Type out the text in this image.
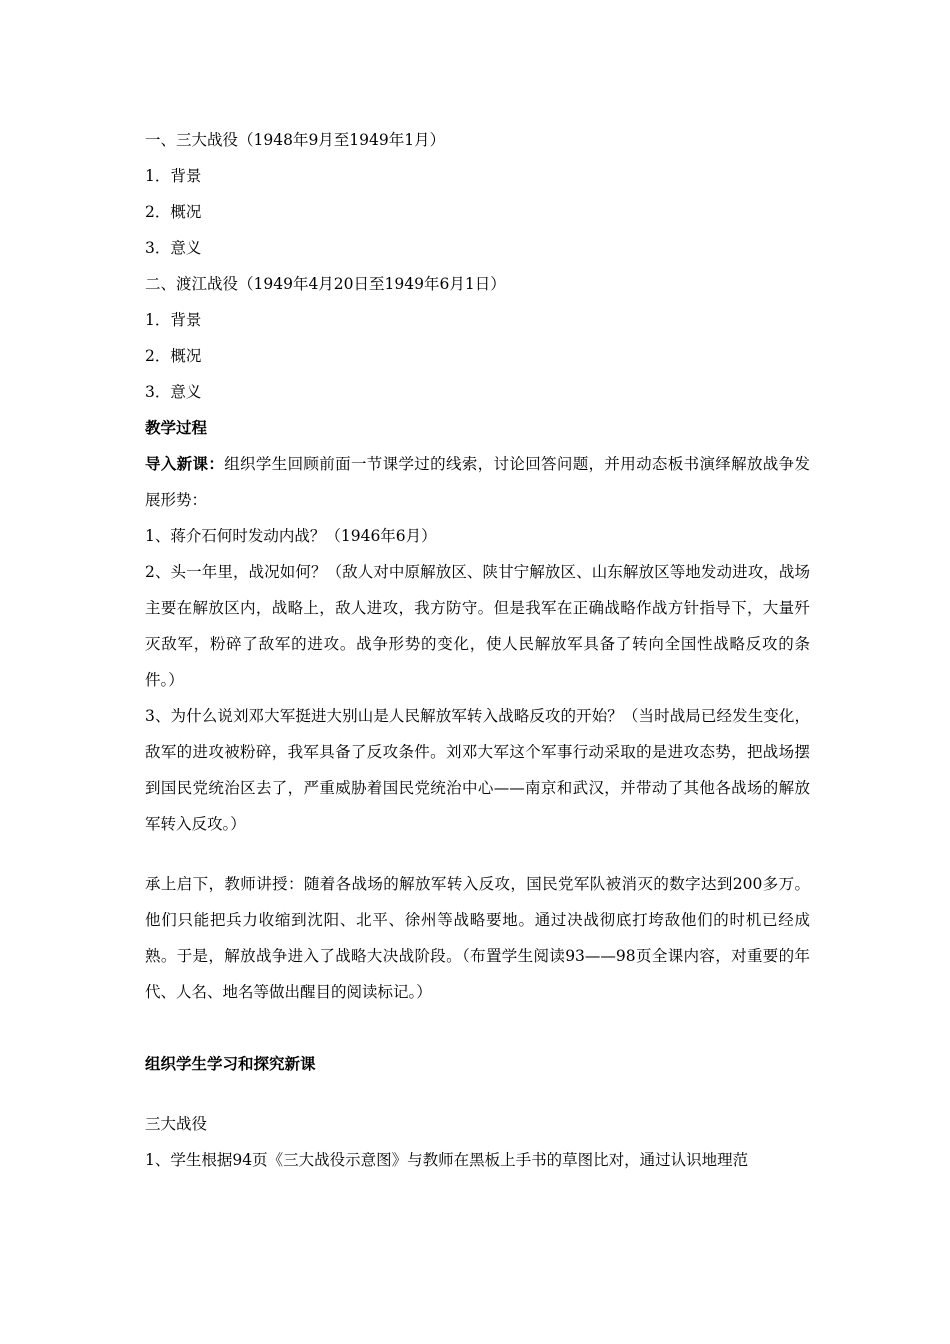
一、三大战役（1948年9月至1949年1月）
1．背景
2．概况
3．意义
二、渡江战役（1949年4月20日至1949年6月1日）
1．背景
2．概况
3．意义
教学过程

导入新课：组织学生回顾前面一节课学过的线索，讨论回答问题，并用动态板书演绎解放战争发展形势：

1、蒋介石何时发动内战？（1946年6月）

2、头一年里，战况如何？（敌人对中原解放区、陕甘宁解放区、山东解放区等地发动进攻，战场主要在解放区内，战略上，敌人进攻，我方防守。但是我军在正确战略作战方针指导下，大量歼灭敌军，粉碎了敌军的进攻。战争形势的变化，使人民解放军具备了转向全国性战略反攻的条件。）

3、为什么说刘邓大军挺进大别山是人民解放军转入战略反攻的开始？（当时战局已经发生变化，敌军的进攻被粉碎，我军具备了反攻条件。刘邓大军这个军事行动采取的是进攻态势，把战场摆到国民党统治区去了，严重威胁着国民党统治中心——南京和武汉，并带动了其他各战场的解放军转入反攻。）

承上启下，教师讲授：随着各战场的解放军转入反攻，国民党军队被消灭的数字达到200多万。他们只能把兵力收缩到沈阳、北平、徐州等战略要地。通过决战彻底打垮敌他们的时机已经成熟。于是，解放战争进入了战略大决战阶段。（布置学生阅读93——98页全课内容，对重要的年代、人名、地名等做出醒目的阅读标记。）

组织学生学习和探究新课
三大战役
1、学生根据94页《三大战役示意图》与教师在黑板上手书的草图比对，通过认识地理范
